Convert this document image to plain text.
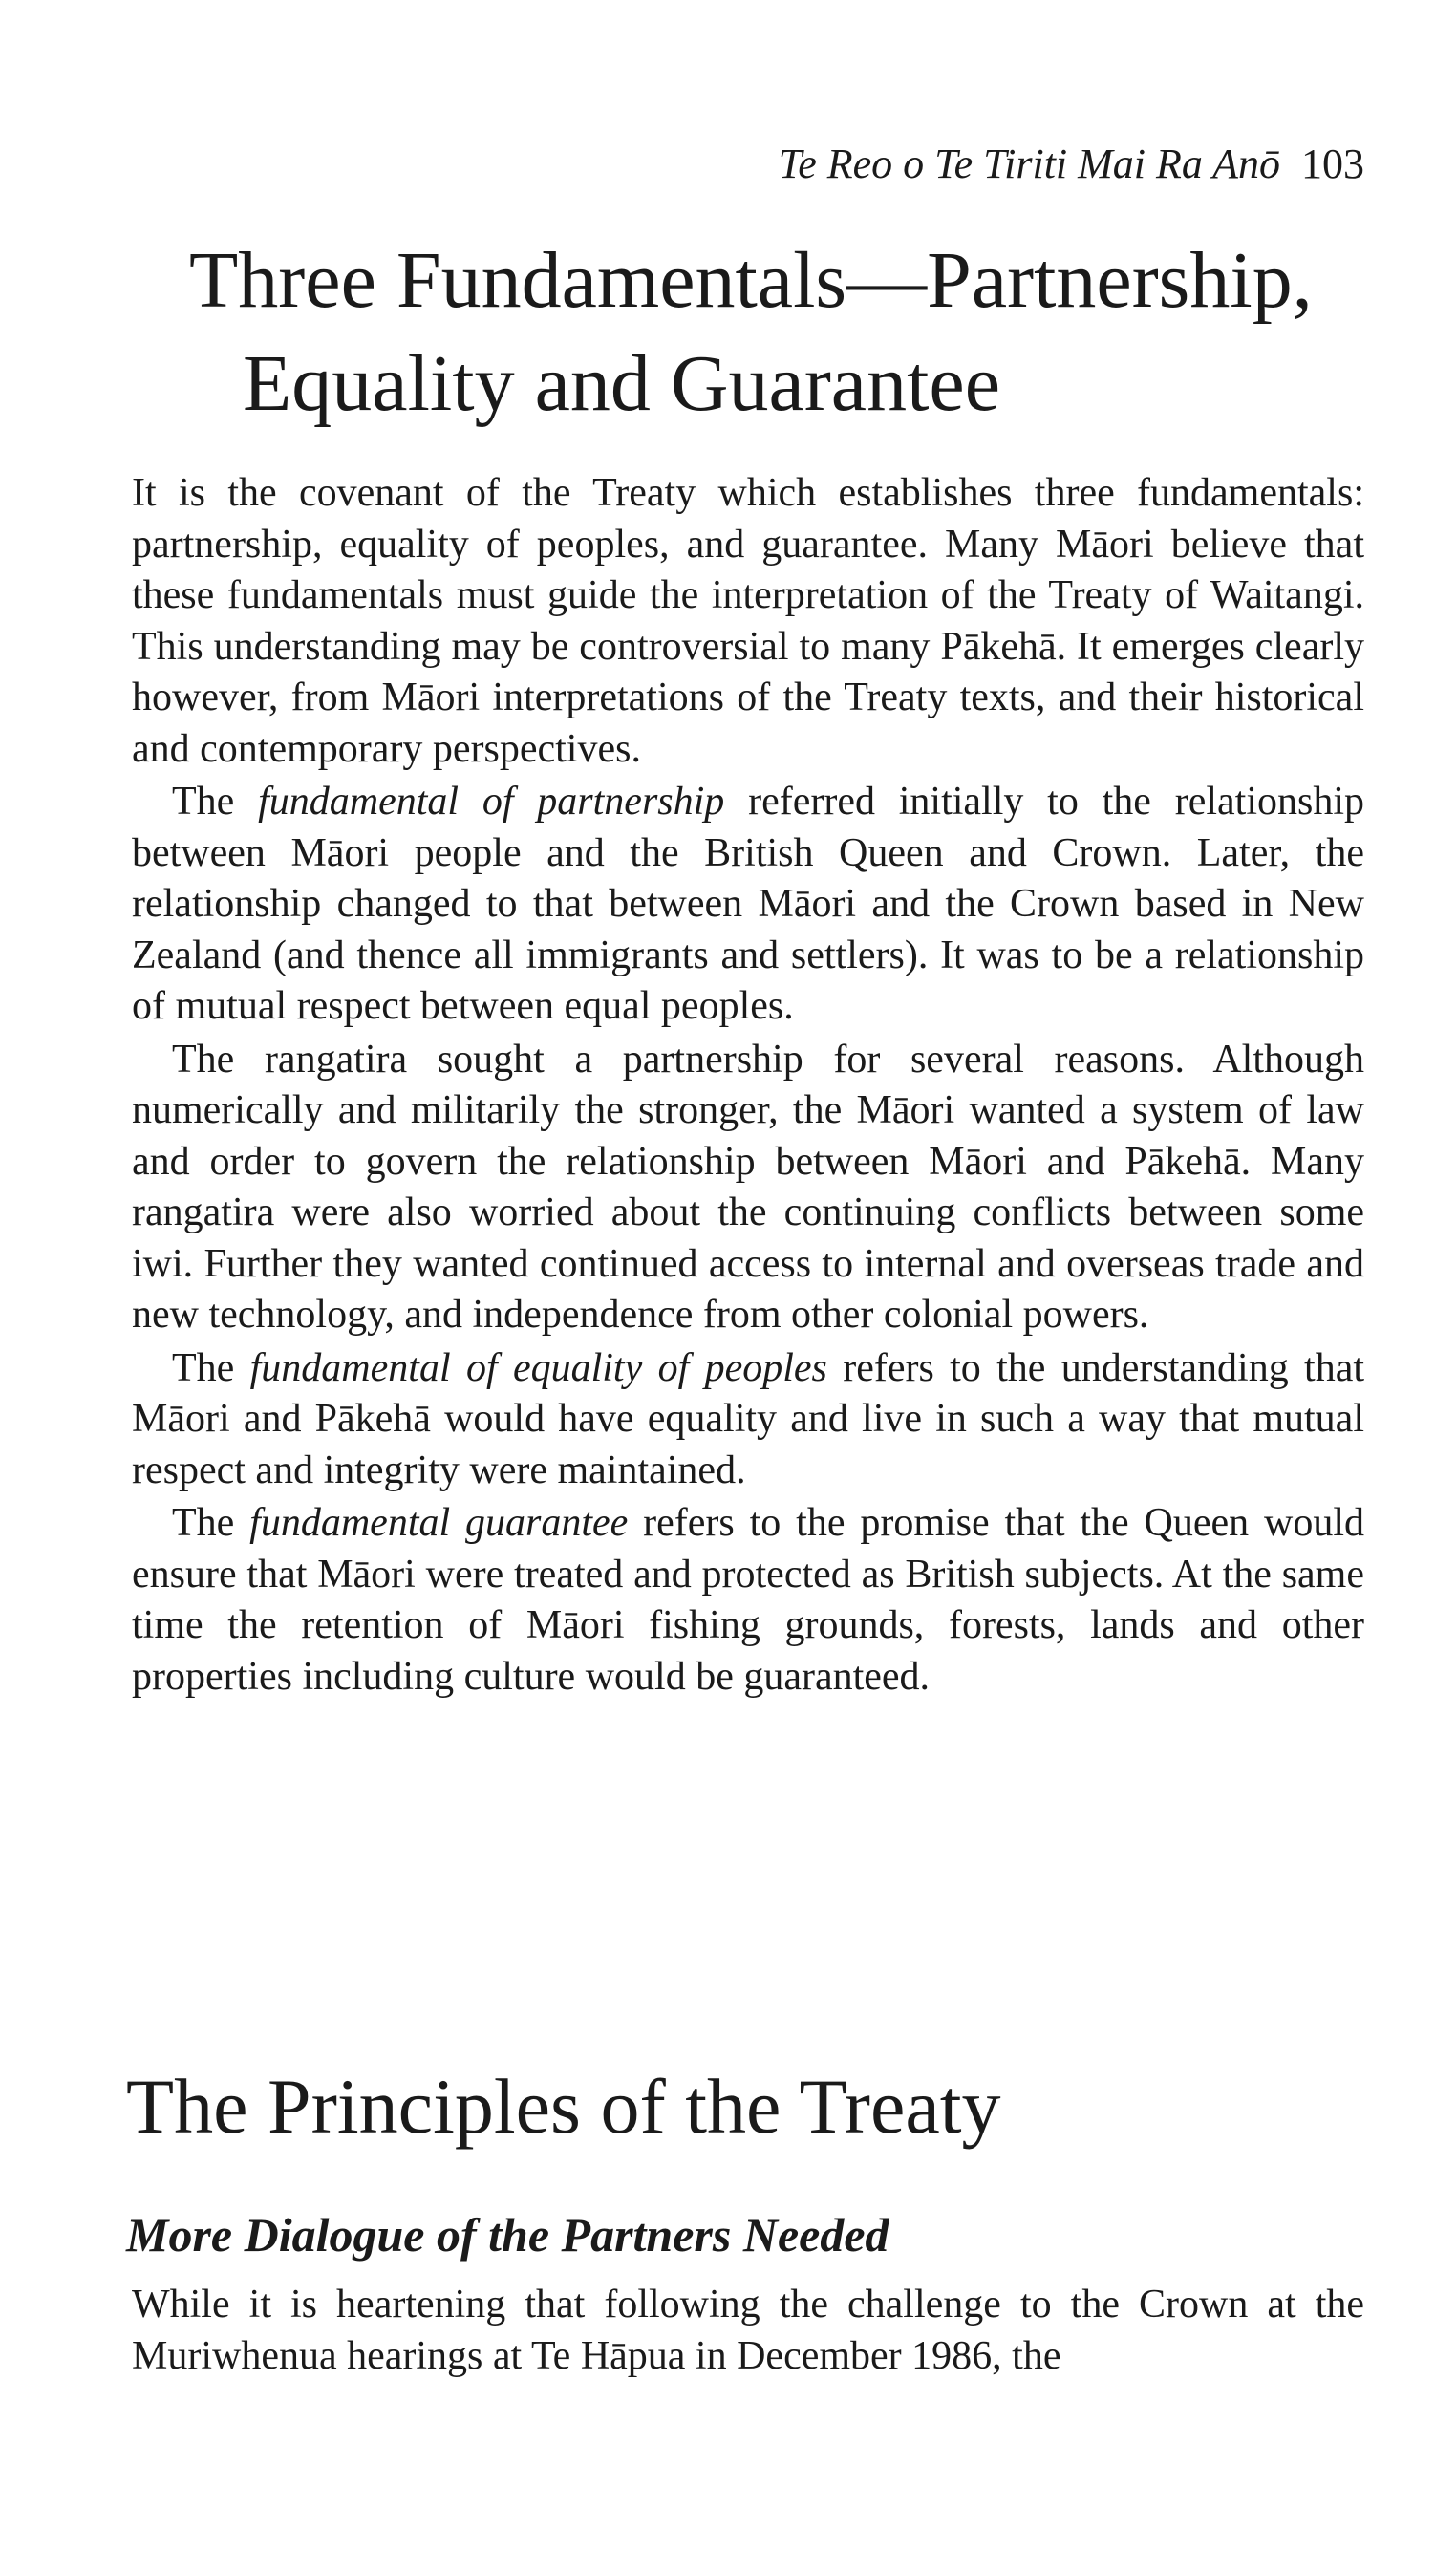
Te Reo o Te Tiriti Mai Ra Anō 103
Three Fundamentals—Partnership,
Equality and Guarantee

It is the covenant of the Treaty which establishes three fundamentals: partnership, equality of peoples, and guarantee. Many Māori believe that these fundamentals must guide the interpretation of the Treaty of Waitangi. This understanding may be controversial to many Pākehā. It emerges clearly however, from Māori interpretations of the Treaty texts, and their historical and contemporary perspectives.

The fundamental of partnership referred initially to the relationship between Māori people and the British Queen and Crown. Later, the relationship changed to that between Māori and the Crown based in New Zealand (and thence all immigrants and settlers). It was to be a relationship of mutual respect between equal peoples.

The rangatira sought a partnership for several reasons. Although numerically and militarily the stronger, the Māori wanted a system of law and order to govern the relationship between Māori and Pākehā. Many rangatira were also worried about the continuing conflicts between some iwi. Further they wanted continued access to internal and overseas trade and new technology, and independence from other colonial powers.

The fundamental of equality of peoples refers to the understanding that Māori and Pākehā would have equality and live in such a way that mutual respect and integrity were maintained.

The fundamental guarantee refers to the promise that the Queen would ensure that Māori were treated and protected as British subjects. At the same time the retention of Māori fishing grounds, forests, lands and other properties including culture would be guaranteed.

The Principles of the Treaty
More Dialogue of the Partners Needed

While it is heartening that following the challenge to the Crown at the Muriwhenua hearings at Te Hāpua in December 1986, the
